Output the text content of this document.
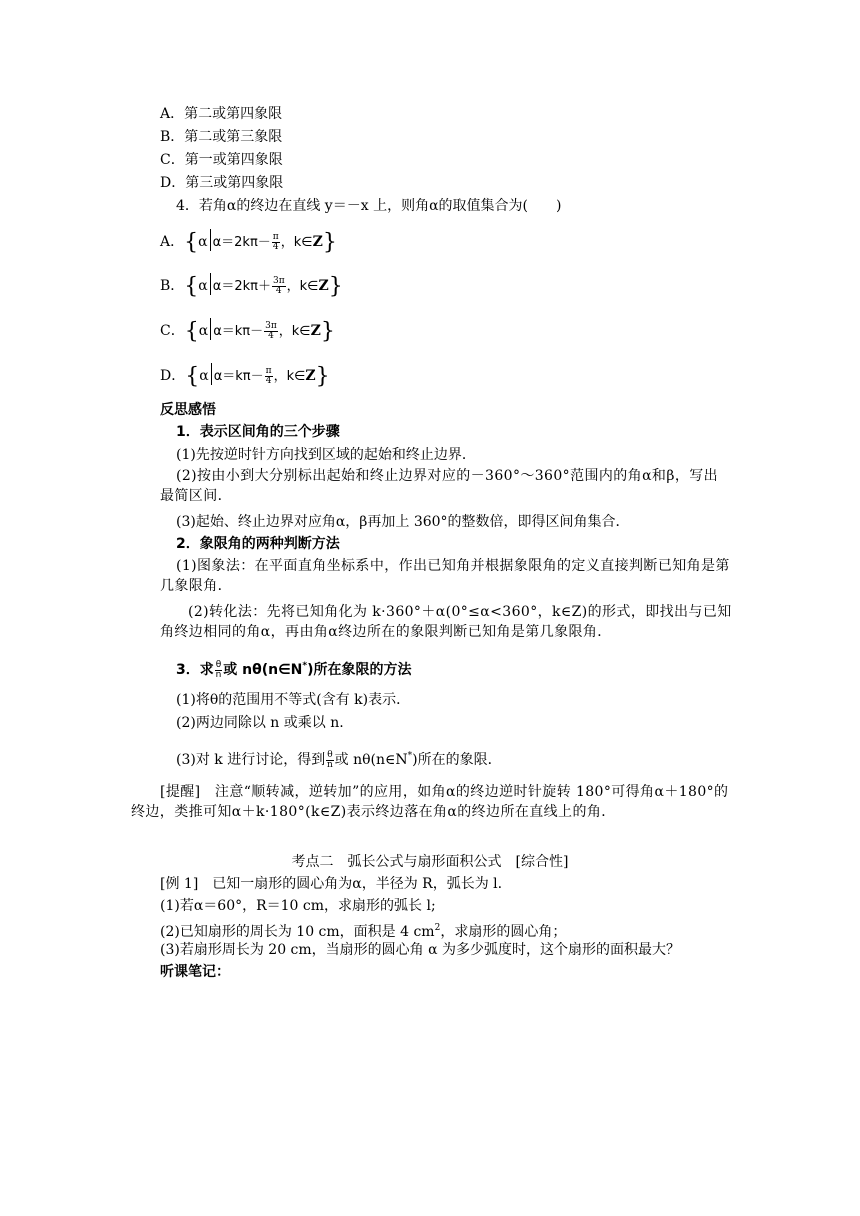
A．第二或第四象限
B．第二或第三象限
C．第一或第四象限
D．第三或第四象限
4．若角α的终边在直线 y＝－x 上，则角α的取值集合为(　　)
A．{α $\alpha=2k\pi- \frac{\pi}{4}$ ，k∈Z}
B．{α $\alpha=2k\pi+ \frac{3\pi}{4}$ ，k∈Z}
C．{α $\alpha=k\pi- \frac{3\pi}{4}$ ，k∈Z}
D．{α $\alpha=k\pi- \frac{\pi}{4}$ ，k∈Z}
反思感悟
1．表示区间角的三个步骤
(1)先按逆时针方向找到区域的起始和终止边界．
(2)按由小到大分别标出起始和终止边界对应的－360°～360°范围内的角α和β，写出最简区间．
(3)起始、终止边界对应角α，β再加上 360°的整数倍，即得区间角集合．
2．象限角的两种判断方法
(1)图象法：在平面直角坐标系中，作出已知角并根据象限角的定义直接判断已知角是第几象限角．
(2)转化法：先将已知角化为 k·360°＋α(0°≤α<360°，k∈Z)的形式，即找出与已知角终边相同的角α，再由角α终边所在的象限判断已知角是第几象限角．
3．求 $\frac{\theta}{n}$ 或 nθ(n∈N*)所在象限的方法
(1)将θ的范围用不等式(含有 k)表示．
(2)两边同除以 n 或乘以 n.
(3)对 k 进行讨论，得到 $\frac{\theta}{n}$ 或 nθ(n∈N*)所在的象限．
[提醒]　注意“顺转减，逆转加”的应用，如角α的终边逆时针旋转 180°可得角α＋180°的终边，类推可知α＋k·180°(k∈Z)表示终边落在角α的终边所在直线上的角．
考点二　弧长公式与扇形面积公式　[综合性]
[例 1]　已知一扇形的圆心角为α，半径为 R，弧长为 l.
(1)若α＝60°，R＝10 cm，求扇形的弧长 l;
(2)已知扇形的周长为 10 cm，面积是 4 $cm^2$，求扇形的圆心角；
(3)若扇形周长为 20 cm，当扇形的圆心角 α 为多少弧度时，这个扇形的面积最大？
听课笔记：
